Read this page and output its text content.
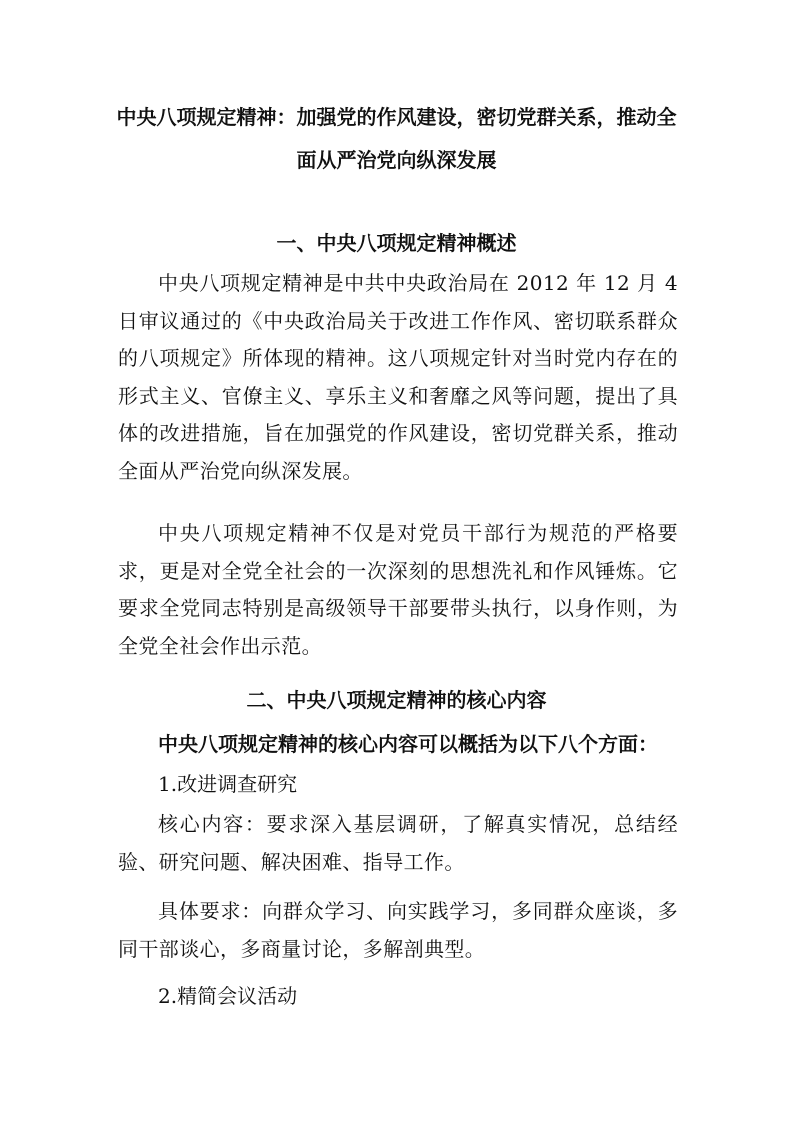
中央八项规定精神：加强党的作风建设，密切党群关系，推动全面从严治党向纵深发展
一、中央八项规定精神概述

中央八项规定精神是中共中央政治局在 2012 年 12 月 4 日审议通过的《中央政治局关于改进工作作风、密切联系群众的八项规定》所体现的精神。这八项规定针对当时党内存在的形式主义、官僚主义、享乐主义和奢靡之风等问题，提出了具体的改进措施，旨在加强党的作风建设，密切党群关系，推动全面从严治党向纵深发展。

中央八项规定精神不仅是对党员干部行为规范的严格要求，更是对全党全社会的一次深刻的思想洗礼和作风锤炼。它要求全党同志特别是高级领导干部要带头执行，以身作则，为全党全社会作出示范。

二、中央八项规定精神的核心内容

中央八项规定精神的核心内容可以概括为以下八个方面：

1.改进调查研究

核心内容：要求深入基层调研，了解真实情况，总结经验、研究问题、解决困难、指导工作。

具体要求：向群众学习、向实践学习，多同群众座谈，多同干部谈心，多商量讨论，多解剖典型。

2.精简会议活动
